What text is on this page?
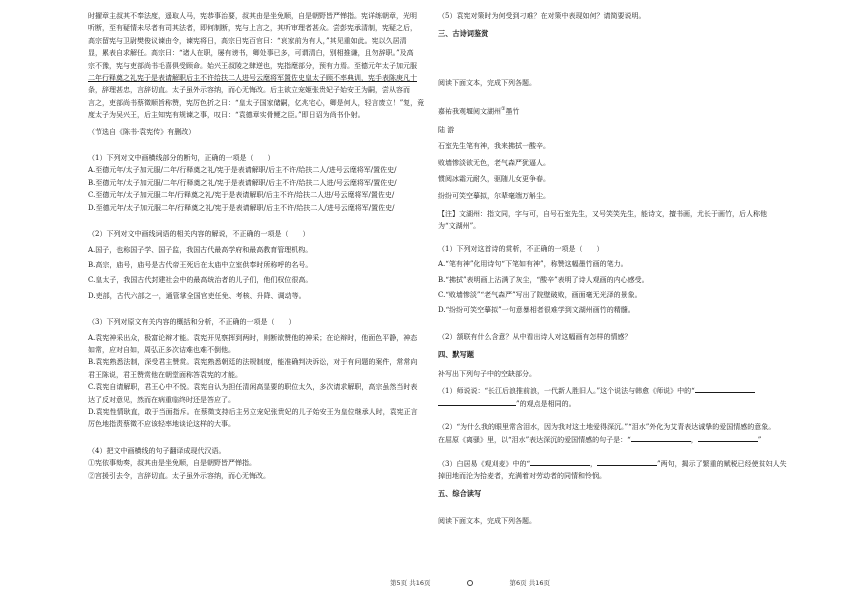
时擢章主叔其不奉法度，遥取人马，宪恭事治要，叔其由是坐免顺，自是朝野皆严惮指。宪详练朝章，光明
听断，至有疑情未尽者有司其法者，即何制断，宪与上言之，其听审理者甚众。尝彭宪承清制，宪疑之后，
高宗留宪与卫尉樊俊议谏由令，谏宪将日，高宗日宪百官曰：“哀家前为有人，”其见重如此。宪以久居清
显，累表自求解任。高宗曰：“诸人在职，屡有谤书，卿处事已多，可谓清白，别相推谦，且勿辞职。”及高
宗不豫，宪与吏部尚书毛喜俱受顾命。始兴王叔陵之肆逆也，宪指麾部分，预有力焉。至德元年太子加元服
二年行释奠之礼宪于是表请解职后主不许给扶二人进号云麾将军置佐史皇太子顾不率典训，宪手表陈庚凡十
条，辞理甚忠，言辞切直。太子虽外示容纳，而心无悔改。后主欲立宠姬张贵妃子始安王为嗣，尝从容而
言之，吏部尚书蔡徵顺旨称赞，宪厉色折之曰：“皇太子国家储嗣，亿兆宅心，卿是何人，轻言废立！”复，竟
度太子为吴兴王，后主知宪有规谏之事，叹曰：“袁德章实骨鲠之臣。”即日诏为尚书仆射。
（节选自《陈书·袁宪传》有删改）
（1）下列对文中画横线部分的断句，正确的一项是（　　）
A.至德元年/太子加元服/二年/行释奠之礼/宪于是表请解职/后主不许/给扶二人/进号云麾将军/置佐史/
B.至德元年/太子加元服/二年/行释奠之礼/宪于是表请解职/后主不许/给扶二人进/号云麾将军/置佐史/
C.至德元年/太子加元服二年/行释奠之礼/宪于是表请解职/后主不许/给扶二人进/号云麾将军/置佐史/
D.至德元年/太子加元服二年/行释奠之礼/宪于是表请解职/后主不许/给扶二人/进号云麾将军/置佐史/
（2）下列对文中画线词语的相关内容的解说，不正确的一项是（　　）
A.国子，也称国子学、国子监，我国古代最高学府和最高教育管理机构。
B.高宗，庙号，庙号是古代帝王死后在太庙中立室供奉时所称呼的名号。
C.皇太子，我国古代封建社会中的最高统治者的儿子们，他们权位很高。
D.吏部，古代六部之一，通管掌全国官吏任免、考核、升降、调动等。
（3）下列对原文有关内容的概括和分析，不正确的一项是（　　）
A.袁宪神采出众，极富论辩才能。袁宪开见察挥到两时，则断欲赞他的神采；在论辩时，他面色平静，神态
如常，应对自如，周弘正多次诘难也难不倒他。
B.袁宪熟悉法制，深受君主赞赏。袁宪熟悉朝廷的法规制度，能准确判决诉讼，对于有问题的案件，常常向
君王陈说，君王赞赏他在朝堂面称答袁宪的才能。
C.袁宪自请解职，君王心中不悦。袁宪自认为担任清闲高显要的职位太久，多次请求解职，高宗虽然当时表
达了反对意见，然而在病重临终时还是答应了。
D.袁宪性情耿直，敢于当面指斥。在蔡徵支持后主另立宠妃张贵妃的儿子始安王为皇位继承人时，袁宪正言
厉色地指责蔡徵不应该轻率地谈论这样的大事。
（4）把文中画横线的句子翻译成现代汉语。
①宪依事劾奏，叔其由是坐免顺，自是朝野皆严惮指。
②宫援引去令，言辞切直。太子虽外示容纳，而心无悔改。
（5）袁宪对策时为何受到刁难？在对策中表现如何？请简要说明。
三、古诗词鉴赏
阅读下面文本，完成下列各题。
嘉祐我观堰阅文湖州①墨竹
陆 游
石室先生笔有神，我来拂拭一酸辛。
败墙惨淡欲无色，老气森严犹逼人。
惯阅冰霜元耐久，驱随儿女更争春。
纷纷可笑空摹拟，尔辈毫端万斛尘。
【注】文湖州：指文同，字与可，自号石室先生，又号笑笑先生，能诗文，擅书画，尤长于画竹，后人称他
为“文湖州”。
（1）下列对这首诗的赏析，不正确的一项是（　　）
A.“笔有神”化用诗句“下笔如有神”，称赞这幅墨竹画的笔力。
B.“拂拭”表明画上沾满了灰尘，“酸辛”表明了诗人观画的内心感受。
C.“败墙惨淡”“老气森严”写出了院壁破败，画面毫无光泽的景象。
D.“纷纷可笑空摹拟”一句意暴相者很难学到文湖州画竹的精髓。
（2）颔联有什么含意？从中看出诗人对这幅画有怎样的情感？
四、默写题
补写出下列句子中的空缺部分。
（1）师说说：“长江后浪推前浪，一代新人胜旧人。”这个说法与韩愈《师说》中的“
”的观点是相同的。
（2）“为什么我的眼里常含泪水，因为我对这土地爱得深沉。”“泪水”外化为艾青表达诚挚的爱国情感的意象。
在屈原《离骚》里，以“泪水”表达深沉的爱国情感的句子是：“	，	”
（3）白居易《观刈麦》中的“	，	”两句，揭示了繁重的赋税已经使贫妇人失
掉田地而沦为拾麦者，充满着对劳动者的同情和怜悯。
五、综合读写
阅读下面文本，完成下列各题。
第5页 共16页	第6页 共16页
